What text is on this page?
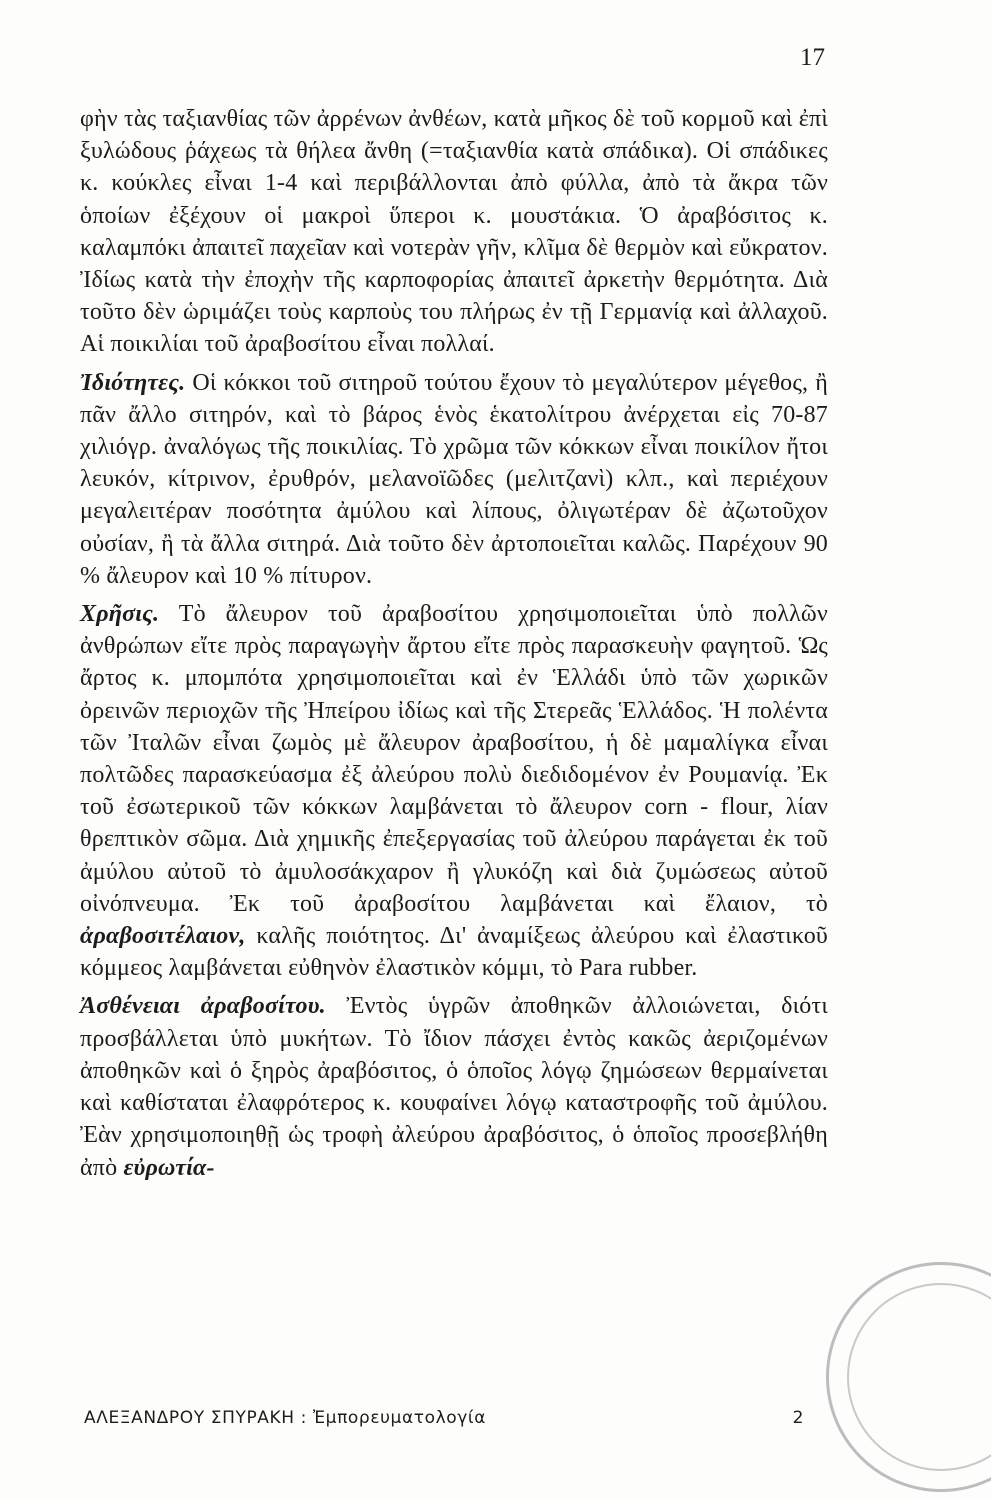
17

φὴν τὰς ταξιανθίας τῶν ἀρρένων ἀνθέων, κατὰ μῆκος δὲ τοῦ κορμοῦ καὶ ἐπὶ ξυλώδους ῥάχεως τὰ θήλεα ἄνθη (=ταξιανθία κατὰ σπάδικα). Οἱ σπάδικες κ. κούκλες εἶναι 1-4 καὶ περιβάλλονται ἀπὸ φύλλα, ἀπὸ τὰ ἄκρα τῶν ὁποίων ἐξέχουν οἱ μακροὶ ὕπεροι κ. μουστάκια. Ὁ ἀραβόσιτος κ. καλαμπόκι ἀπαιτεῖ παχεῖαν καὶ νοτερὰν γῆν, κλῖμα δὲ θερμὸν καὶ εὔκρατον. Ἰδίως κατὰ τὴν ἐποχὴν τῆς καρποφορίας ἀπαιτεῖ ἀρκετὴν θερμότητα. Διὰ τοῦτο δὲν ὡριμάζει τοὺς καρποὺς του πλήρως ἐν τῇ Γερμανίᾳ καὶ ἀλλαχοῦ. Αἱ ποικιλίαι τοῦ ἀραβοσίτου εἶναι πολλαί.

Ἰδιότητες. Οἱ κόκκοι τοῦ σιτηροῦ τούτου ἔχουν τὸ μεγαλύτερον μέγεθος, ἢ πᾶν ἄλλο σιτηρόν, καὶ τὸ βάρος ἑνὸς ἑκατολίτρου ἀνέρχεται εἰς 70-87 χιλιόγρ. ἀναλόγως τῆς ποικιλίας. Τὸ χρῶμα τῶν κόκκων εἶναι ποικίλον ἤτοι λευκόν, κίτρινον, ἐρυθρόν, μελανοϊῶδες (μελιτζανὶ) κλπ., καὶ περιέχουν μεγαλειτέραν ποσότητα ἀμύλου καὶ λίπους, ὀλιγωτέραν δὲ ἀζωτοῦχον οὐσίαν, ἢ τὰ ἄλλα σιτηρά. Διὰ τοῦτο δὲν ἀρτοποιεῖται καλῶς. Παρέχουν 90 % ἄλευρον καὶ 10 % πίτυρον.

Χρῆσις. Τὸ ἄλευρον τοῦ ἀραβοσίτου χρησιμοποιεῖται ὑπὸ πολλῶν ἀνθρώπων εἴτε πρὸς παραγωγὴν ἄρτου εἴτε πρὸς παρασκευὴν φαγητοῦ. Ὡς ἄρτος κ. μπομπότα χρησιμοποιεῖται καὶ ἐν Ἑλλάδι ὑπὸ τῶν χωρικῶν ὀρεινῶν περιοχῶν τῆς Ἠπείρου ἰδίως καὶ τῆς Στερεᾶς Ἑλλάδος. Ἡ πολέντα τῶν Ἰταλῶν εἶναι ζωμὸς μὲ ἄλευρον ἀραβοσίτου, ἡ δὲ μαμαλίγκα εἶναι πολτῶδες παρασκεύασμα ἐξ ἀλεύρου πολὺ διεδιδομένον ἐν Ρουμανίᾳ. Ἐκ τοῦ ἐσωτερικοῦ τῶν κόκκων λαμβάνεται τὸ ἄλευρον corn - flour, λίαν θρεπτικὸν σῶμα. Διὰ χημικῆς ἐπεξεργασίας τοῦ ἀλεύρου παράγεται ἐκ τοῦ ἀμύλου αὐτοῦ τὸ ἀμυλοσάκχαρον ἢ γλυκόζη καὶ διὰ ζυμώσεως αὐτοῦ οἰνόπνευμα. Ἐκ τοῦ ἀραβοσίτου λαμβάνεται καὶ ἔλαιον, τὸ ἀραβοσιτέλαιον, καλῆς ποιότητος. Δι' ἀναμίξεως ἀλεύρου καὶ ἐλαστικοῦ κόμμεος λαμβάνεται εὐθηνὸν ἐλαστικὸν κόμμι, τὸ Para rubber.

Ἀσθένειαι ἀραβοσίτου. Ἐντὸς ὑγρῶν ἀποθηκῶν ἀλλοιώνεται, διότι προσβάλλεται ὑπὸ μυκήτων. Τὸ ἴδιον πάσχει ἐντὸς κακῶς ἀεριζομένων ἀποθηκῶν καὶ ὁ ξηρὸς ἀραβόσιτος, ὁ ὁποῖος λόγῳ ζημώσεων θερμαίνεται καὶ καθίσταται ἐλαφρότερος κ. κουφαίνει λόγῳ καταστροφῆς τοῦ ἀμύλου. Ἐὰν χρησιμοποιηθῇ ὡς τροφὴ ἀλεύρου ἀραβόσιτος, ὁ ὁποῖος προσεβλήθη ἀπὸ εὐρωτία-

ΑΛΕΞΑΝΔΡΟΥ ΣΠΥΡΑΚΗ : Ἐμπορευματολογία	2
